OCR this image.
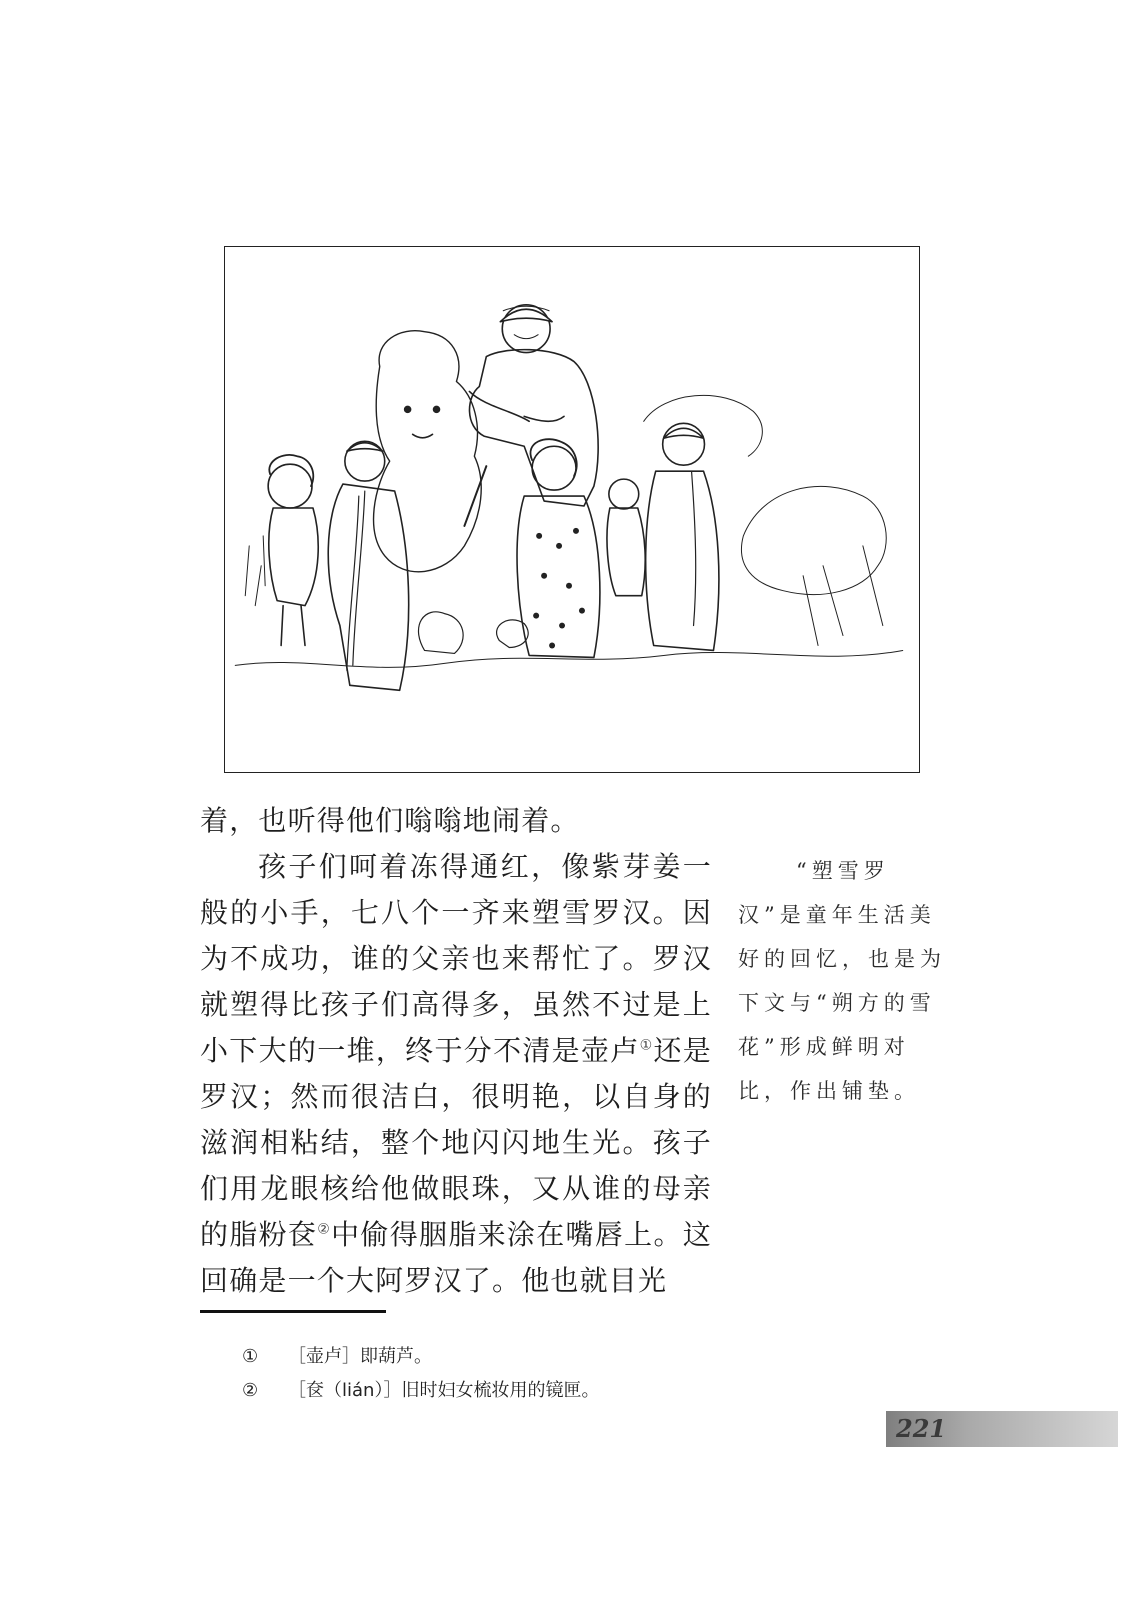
着，也听得他们嗡嗡地闹着。
孩子们呵着冻得通红，像紫芽姜一般的小手，七八个一齐来塑雪罗汉。因为不成功，谁的父亲也来帮忙了。罗汉就塑得比孩子们高得多，虽然不过是上小下大的一堆，终于分不清是壶卢①还是罗汉；然而很洁白，很明艳，以自身的滋润相粘结，整个地闪闪地生光。孩子们用龙眼核给他做眼珠，又从谁的母亲的脂粉奁②中偷得胭脂来涂在嘴唇上。这回确是一个大阿罗汉了。他也就目光
“塑雪罗汉”是童年生活美好的回忆，也是为下文与“朔方的雪花”形成鲜明对比，作出铺垫。
① ［壶卢］即葫芦。
② ［奁（lián）］旧时妇女梳妆用的镜匣。
221
